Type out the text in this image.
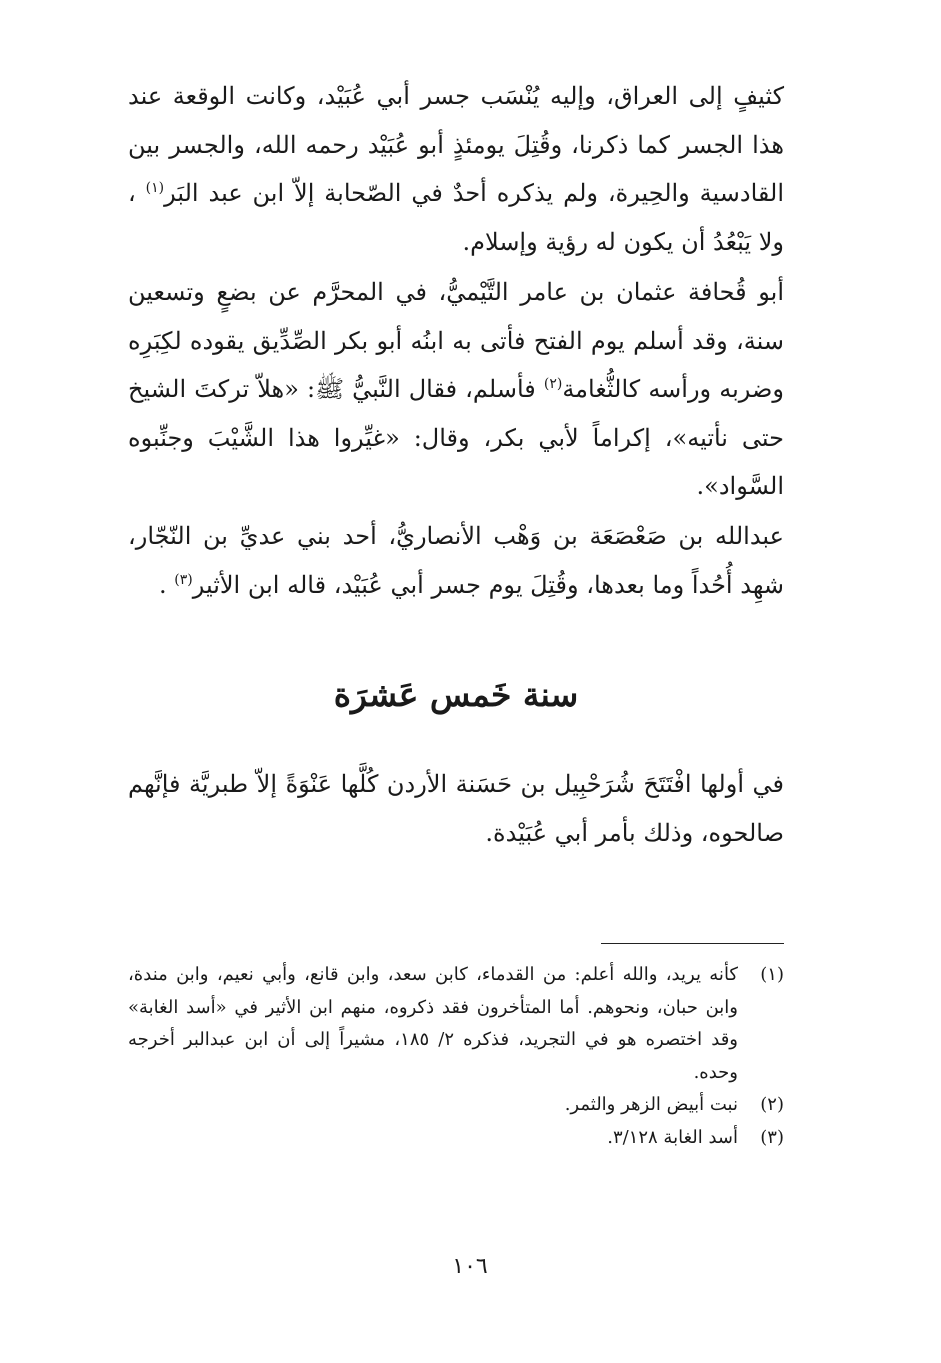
كثيفٍ إلى العراق، وإليه يُنْسَب جسر أبي عُبَيْد، وكانت الوقعة عند هذا الجسر كما ذكرنا، وقُتِلَ يومئذٍ أبو عُبَيْد رحمه الله، والجسر بين القادسية والحِيرة، ولم يذكره أحدٌ في الصّحابة إلاّ ابن عبد البَر$^{(١)}$ ، ولا يَبْعُدُ أن يكون له رؤية وإسلام.

أبو قُحافة عثمان بن عامر التَّيْميُّ، في المحرَّم عن بضعٍ وتسعين سنة، وقد أسلم يوم الفتح فأتى به ابنُه أبو بكر الصِّدِّيق يقوده لكِبَرِه وضربه ورأسه كالثُّغامة$^{(٢)}$ فأسلم، فقال النَّبيُّ ﷺ: «هلاّ تركتَ الشيخ حتى نأتيه»، إكراماً لأبي بكر، وقال: «غيِّروا هذا الشَّيْبَ وجنِّبوه السَّواد».

عبدالله بن صَعْصَعَة بن وَهْب الأنصاريُّ، أحد بني عديِّ بن النّجّار، شهِد أُحُداً وما بعدها، وقُتِلَ يوم جسر أبي عُبَيْد، قاله ابن الأثير$^{(٣)}$ .

سنة خَمس عَشرَة

في أولها افْتَتَحَ شُرَحْبِيل بن حَسَنة الأردن كُلَّها عَنْوَةً إلاّ طبريَّة فإنَّهم صالحوه، وذلك بأمر أبي عُبَيْدة.

(١)
كأنه يريد، والله أعلم: من القدماء، كابن سعد، وابن قانع، وأبي نعيم، وابن مندة، وابن حبان، ونحوهم. أما المتأخرون فقد ذكروه، منهم ابن الأثير في «أسد الغابة» وقد اختصره هو في التجريد، فذكره ٢/ ١٨٥، مشيراً إلى أن ابن عبدالبر أخرجه وحده.
(٢)
نبت أبيض الزهر والثمر.
(٣)
أسد الغابة ٣/١٢٨.
١٠٦
